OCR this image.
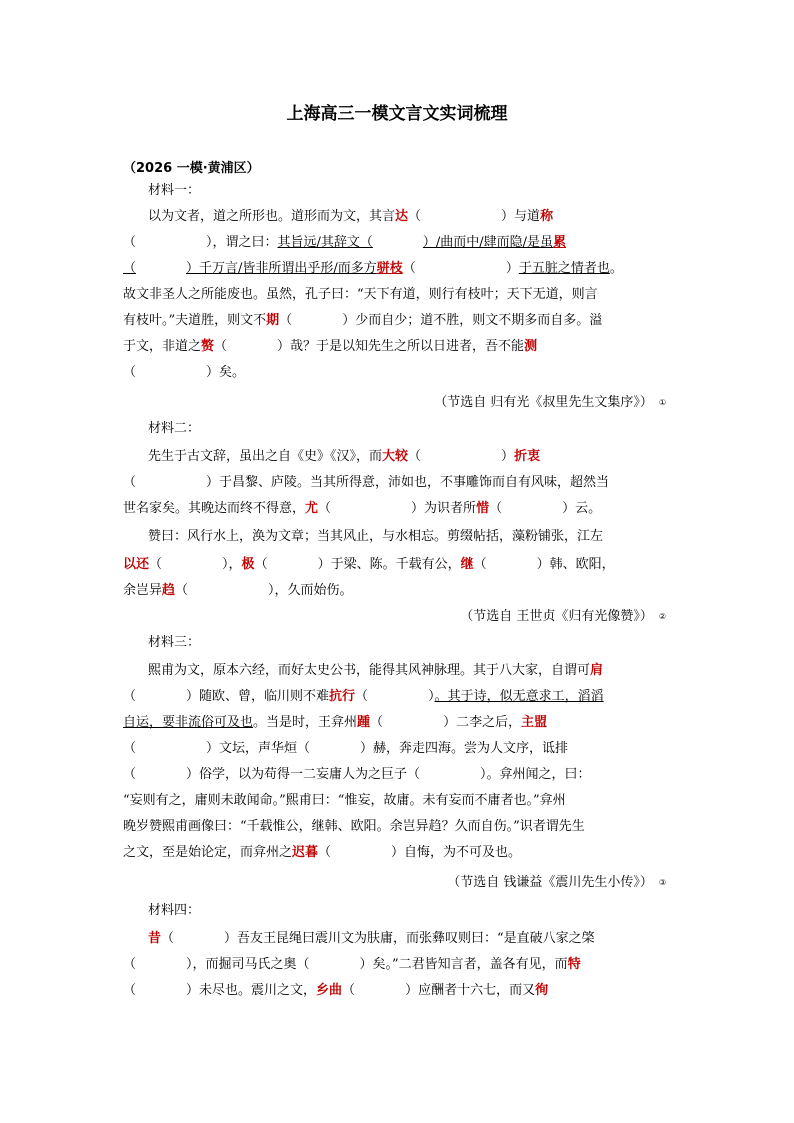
上海高三一模文言文实词梳理
（2026 一模·黄浦区）
材料一：
以为文者，道之所形也。道形而为文，其言达（	）与道称
（	），谓之曰：其旨远/其辞文（	）/曲而中/肆而隐/是虽累
（	）千万言/皆非所谓出乎形/而多方骈枝（	）于五脏之情者也。
故文非圣人之所能废也。虽然，孔子曰：“天下有道，则行有枝叶；天下无道，则言
有枝叶。”夫道胜，则文不期（	）少而自少；道不胜，则文不期多而自多。溢
于文，非道之赘（	）哉？于是以知先生之所以日进者，吾不能测
（	）矣。
（节选自 归有光《叔里先生文集序》） ①
材料二：
先生于古文辞，虽出之自《史》《汉》，而大较（	）折衷
（	）于昌黎、庐陵。当其所得意，沛如也，不事雕饰而自有风味，超然当
世名家矣。其晚达而终不得意，尤（	）为识者所惜（	）云。
赞曰：风行水上，涣为文章；当其风止，与水相忘。剪缀帖括，藻粉铺张，江左
以还（	），极（	）于梁、陈。千载有公，继（	）韩、欧阳，
余岂异趋（	），久而始伤。
（节选自 王世贞《归有光像赞》） ②
材料三：
熙甫为文，原本六经，而好太史公书，能得其风神脉理。其于八大家，自谓可肩
（	）随欧、曾，临川则不难抗行（	）。其于诗，似无意求工，滔滔
自运，要非流俗可及也。当是时，王弇州踵（	）二李之后，主盟
（	）文坛，声华烜（	）赫，奔走四海。尝为人文序，诋排
（	）俗学，以为苟得一二妄庸人为之巨子（	）。弇州闻之，曰：
“妄则有之，庸则未敢闻命。”熙甫曰：“惟妄，故庸。未有妄而不庸者也。”弇州
晚岁赞熙甫画像曰：“千载惟公，继韩、欧阳。余岂异趋？久而自伤。”识者谓先生
之文，至是始论定，而弇州之迟暮（	）自悔，为不可及也。
（节选自 钱谦益《震川先生小传》） ③
材料四：
昔（	）吾友王昆绳曰震川文为肤庸，而张彝叹则曰：“是直破八家之棨
（	），而掘司马氏之奥（	）矣。”二君皆知言者，盖各有见，而特
（	）未尽也。震川之文，乡曲（	）应酬者十六七，而又徇
